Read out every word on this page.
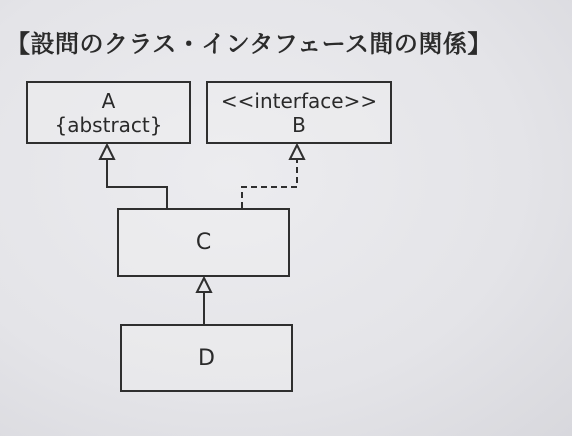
【設問のクラス・インタフェース間の関係】
A
{abstract}
<<interface>>
B
C
D
